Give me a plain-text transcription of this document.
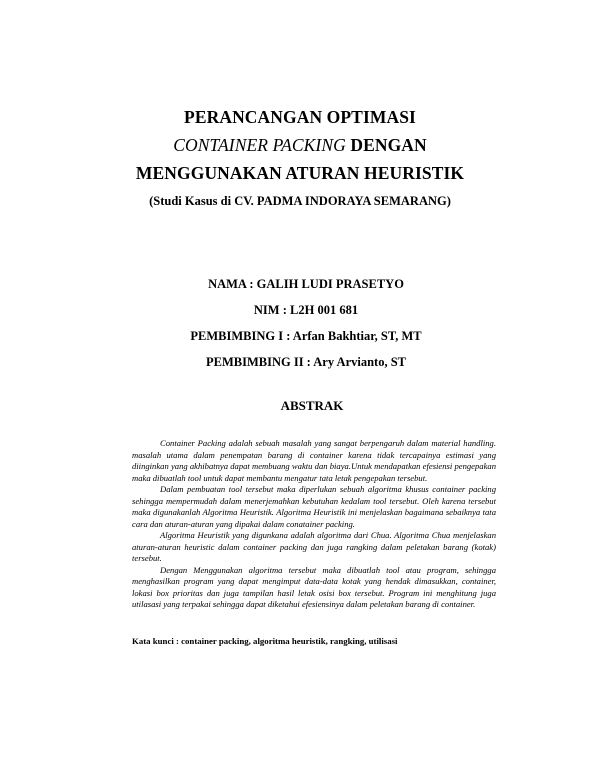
PERANCANGAN OPTIMASI
CONTAINER PACKING DENGAN
MENGGUNAKAN ATURAN HEURISTIK
(Studi Kasus di CV. PADMA INDORAYA SEMARANG)
NAMA : GALIH LUDI PRASETYO
NIM : L2H 001 681
PEMBIMBING I : Arfan Bakhtiar, ST, MT
PEMBIMBING II : Ary Arvianto, ST
ABSTRAK

Container Packing adalah sebuah masalah yang sangat berpengaruh dalam material handling. masalah utama dalam penempatan barang di container karena tidak tercapainya estimasi yang diinginkan yang akhibatnya dapat membuang waktu dan biaya.Untuk mendapatkan efesiensi pengepakan maka dibuatlah tool untuk dapat membantu mengatur tata letak pengepakan tersebut.

Dalam pembuatan tool tersebut maka diperlukan sebuah algoritma khusus container packing sehingga mempermudah dalam menerjemahkan kebutuhan kedalam tool tersebut. Oleh karena tersebut maka digunakanlah Algoritma Heuristik. Algoritma Heuristik ini menjelaskan bagaimana sebaiknya tata cara dan aturan-aturan yang dipakai dalam conatainer packing.

Algoritma Heuristik yang digunkana adalah algoritma dari Chua. Algoritma Chua menjelaskan aturan-aturan heuristic dalam container packing dan juga rangking dalam peletakan barang (kotak) tersebut.

Dengan Menggunakan algoritma tersebut maka dibuatlah tool atau program, sehingga menghasilkan program yang dapat mengimput data-data kotak yang hendak dimasukkan, container, lokasi box prioritas dan juga tampilan hasil letak osisi box tersebut. Program ini menghitung juga utilasasi yang terpakai sehingga dapat diketahui efesiensinya dalam peletakan barang di container.

Kata kunci : container packing, algoritma heuristik, rangking, utilisasi
